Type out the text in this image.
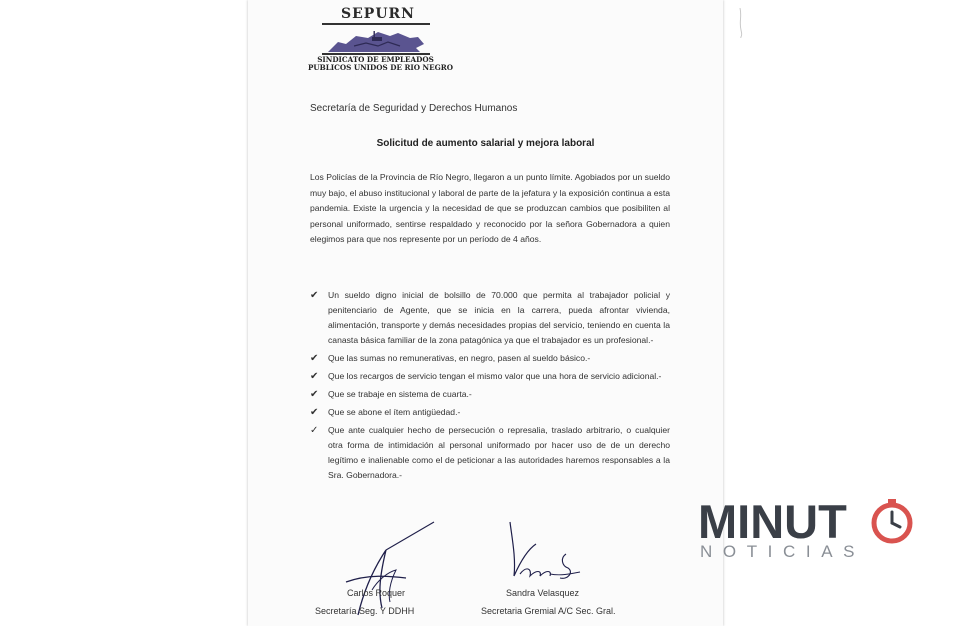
SEPURN
SINDICATO DE EMPLEADOS
PUBLICOS UNIDOS DE RIO NEGRO
Secretaría de Seguridad y Derechos Humanos
Solicitud de aumento salarial y mejora laboral

Los Policías de la Provincia de Río Negro, llegaron a un punto límite. Agobiados por un sueldo muy bajo, el abuso institucional y laboral de parte de la jefatura y la exposición continua a esta pandemia. Existe la urgencia y la necesidad de que se produzcan cambios que posibiliten al personal uniformado, sentirse respaldado y reconocido por la señora Gobernadora a quien elegimos para que nos represente por un período de 4 años.

✔ Un sueldo digno inicial de bolsillo de 70.000 que permita al trabajador policial y penitenciario de Agente, que se inicia en la carrera, pueda afrontar vivienda, alimentación, transporte y demás necesidades propias del servicio, teniendo en cuenta la canasta básica familiar de la zona patagónica ya que el trabajador es un profesional.-
✔ Que las sumas no remunerativas, en negro, pasen al sueldo básico.-
✔ Que los recargos de servicio tengan el mismo valor que una hora de servicio adicional.-
✔ Que se trabaje en sistema de cuarta.-
✔ Que se abone el ítem antigüedad.-
✓ Que ante cualquier hecho de persecución o represalia, traslado arbitrario, o cualquier otra forma de intimidación al personal uniformado por hacer uso de de un derecho legítimo e inalienable como el de peticionar a las autoridades haremos responsables a la Sra. Gobernadora.-
Carlos Roquer
Secretaría Seg. Y DDHH
Sandra Velasquez
Secretaria Gremial A/C Sec. Gral.
MINUT
NOTICIAS
